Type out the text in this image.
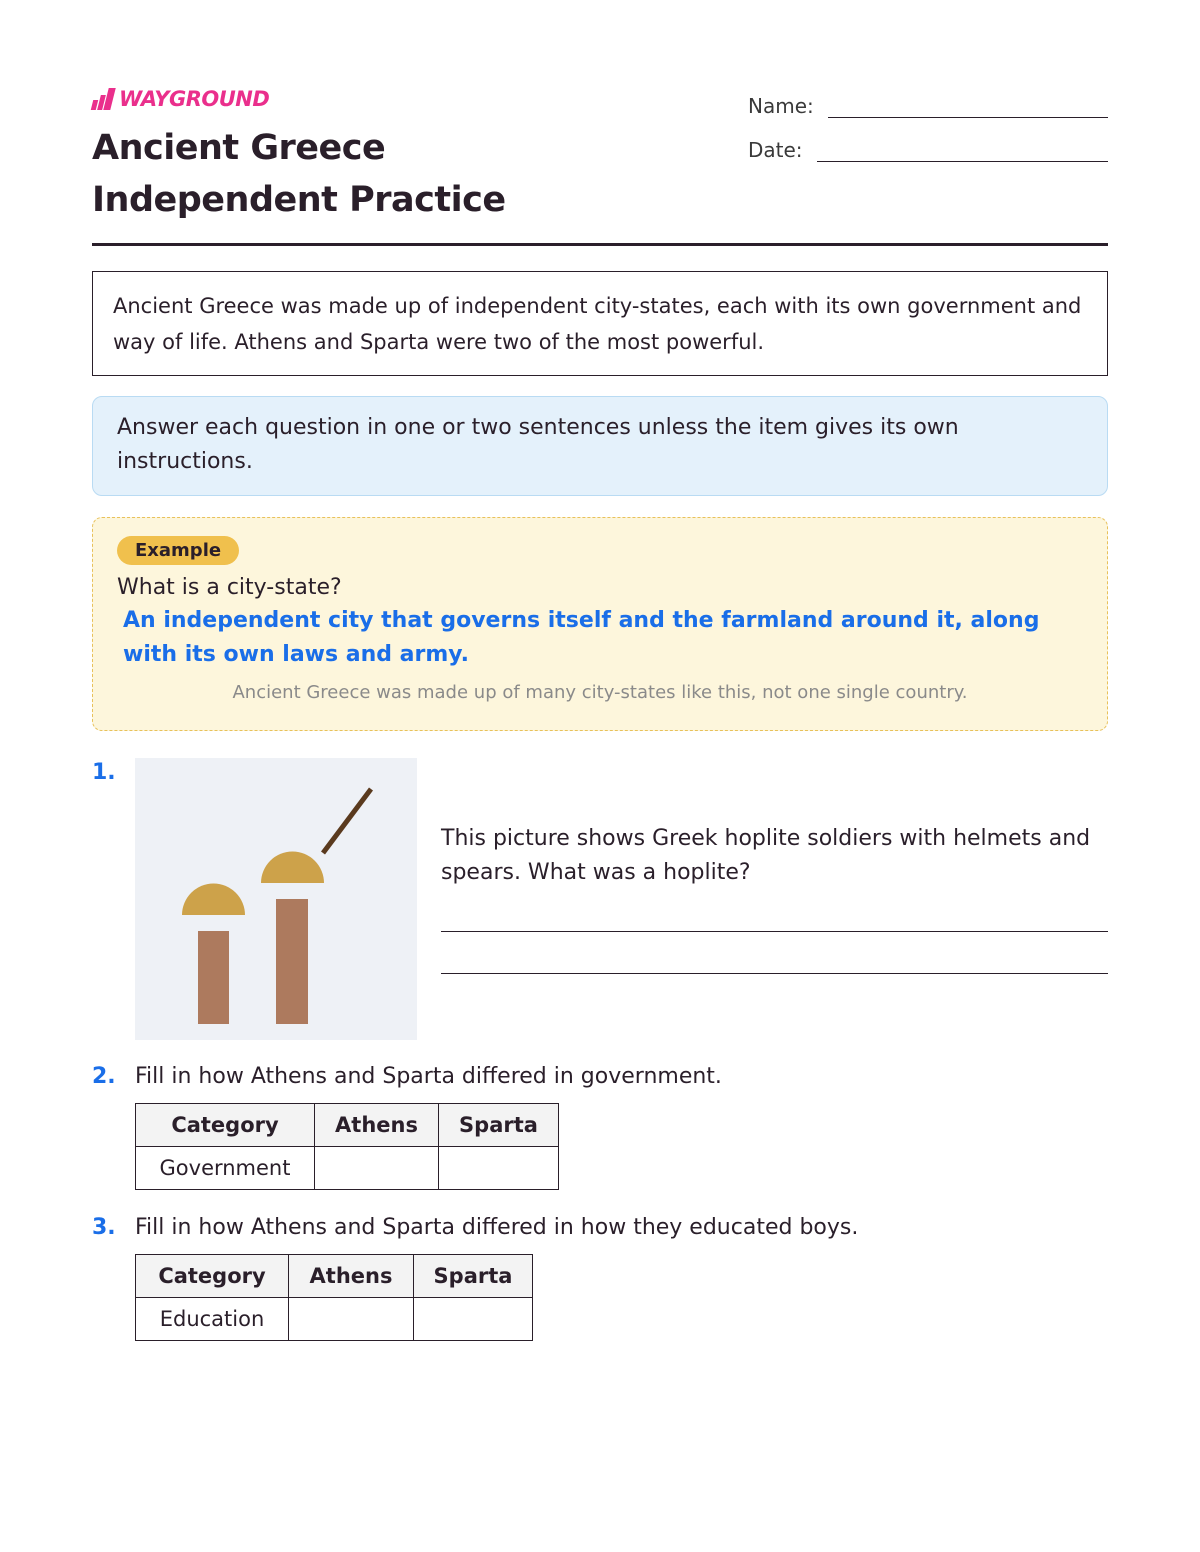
WAYGROUND
Ancient Greece Independent Practice
Name:
Date:
Ancient Greece was made up of independent city-states, each with its own government and way of life. Athens and Sparta were two of the most powerful.
Answer each question in one or two sentences unless the item gives its own instructions.
Example
What is a city-state?
An independent city that governs itself and the farmland around it, along with its own laws and army.
Ancient Greece was made up of many city-states like this, not one single country.
1.
This picture shows Greek hoplite soldiers with helmets and spears. What was a hoplite?
2. Fill in how Athens and Sparta differed in government.
Category	Athens	Sparta
Government		
3. Fill in how Athens and Sparta differed in how they educated boys.
Category	Athens	Sparta
Education		
